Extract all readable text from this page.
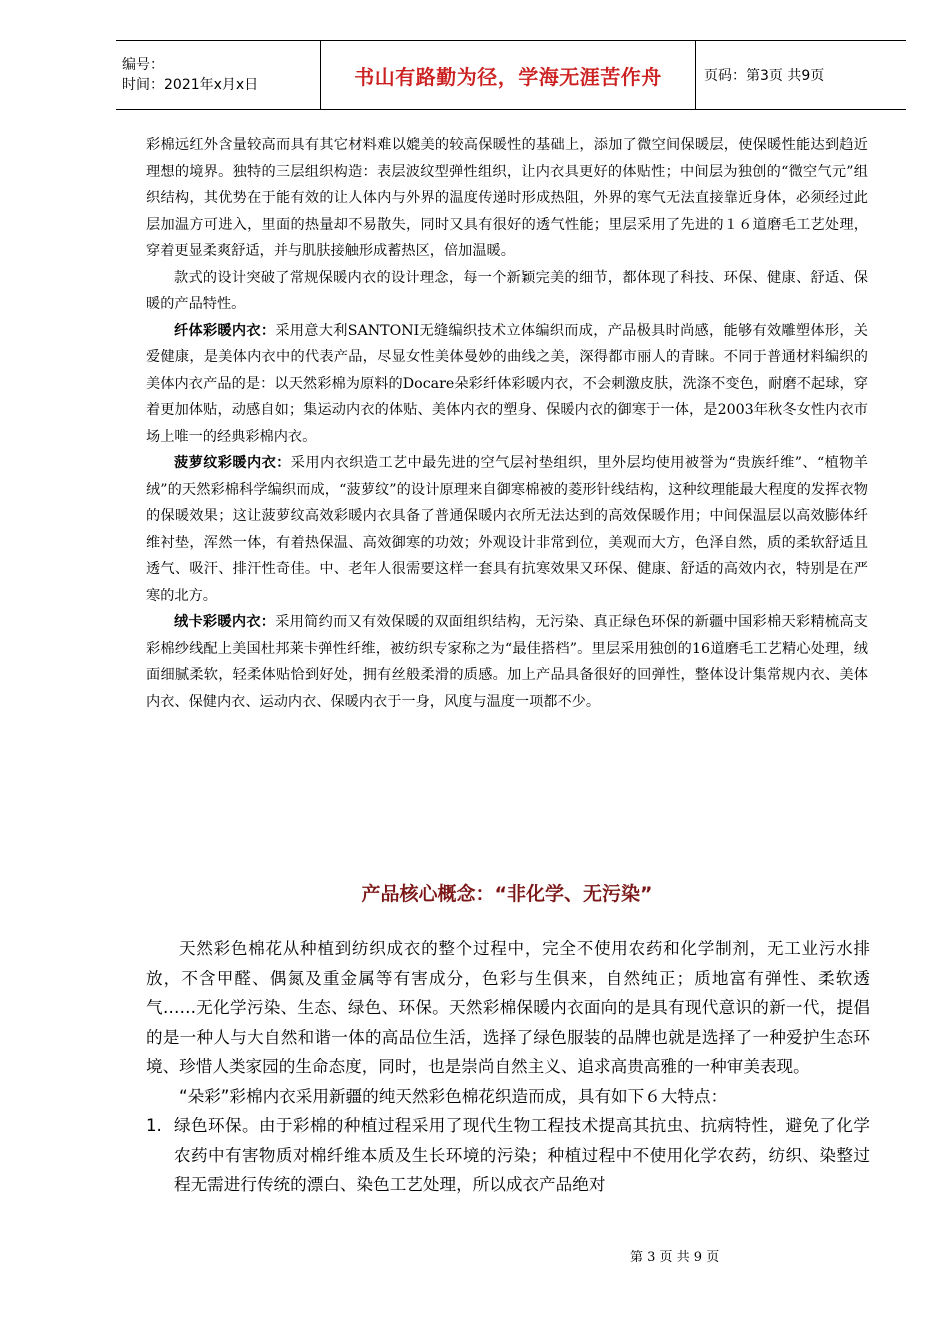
编号：
时间：2021年x月x日	书山有路勤为径，学海无涯苦作舟	页码：第3页 共9页

彩棉远红外含量较高而具有其它材料难以媲美的较高保暖性的基础上，添加了微空间保暖层，使保暖性能达到趋近理想的境界。独特的三层组织构造：表层波纹型弹性组织，让内衣具更好的体贴性；中间层为独创的“微空气元”组织结构，其优势在于能有效的让人体内与外界的温度传递时形成热阻，外界的寒气无法直接靠近身体，必须经过此层加温方可进入，里面的热量却不易散失，同时又具有很好的透气性能；里层采用了先进的１６道磨毛工艺处理，穿着更显柔爽舒适，并与肌肤接触形成蓄热区，倍加温暖。

款式的设计突破了常规保暖内衣的设计理念，每一个新颖完美的细节，都体现了科技、环保、健康、舒适、保暖的产品特性。

纤体彩暖内衣：采用意大利SANTONI无缝编织技术立体编织而成，产品极具时尚感，能够有效雕塑体形，关爱健康，是美体内衣中的代表产品，尽显女性美体曼妙的曲线之美，深得都市丽人的青睐。不同于普通材料编织的美体内衣产品的是：以天然彩棉为原料的Docare朵彩纤体彩暖内衣，不会刺激皮肤，洗涤不变色，耐磨不起球，穿着更加体贴，动感自如；集运动内衣的体贴、美体内衣的塑身、保暖内衣的御寒于一体，是2003年秋冬女性内衣市场上唯一的经典彩棉内衣。

菠萝纹彩暖内衣：采用内衣织造工艺中最先进的空气层衬垫组织，里外层均使用被誉为“贵族纤维”、“植物羊绒”的天然彩棉科学编织而成，“菠萝纹”的设计原理来自御寒棉被的菱形针线结构，这种纹理能最大程度的发挥衣物的保暖效果；这让菠萝纹高效彩暖内衣具备了普通保暖内衣所无法达到的高效保暖作用；中间保温层以高效膨体纤维衬垫，浑然一体，有着热保温、高效御寒的功效；外观设计非常到位，美观而大方，色泽自然，质的柔软舒适且透气、吸汗、排汗性奇佳。中、老年人很需要这样一套具有抗寒效果又环保、健康、舒适的高效内衣，特别是在严寒的北方。

绒卡彩暖内衣：采用简约而又有效保暖的双面组织结构，无污染、真正绿色环保的新疆中国彩棉天彩精梳高支彩棉纱线配上美国杜邦莱卡弹性纤维，被纺织专家称之为“最佳搭档”。里层采用独创的16道磨毛工艺精心处理，绒面细腻柔软，轻柔体贴恰到好处，拥有丝般柔滑的质感。加上产品具备很好的回弹性，整体设计集常规内衣、美体内衣、保健内衣、运动内衣、保暖内衣于一身，风度与温度一项都不少。

产品核心概念：“非化学、无污染”

天然彩色棉花从种植到纺织成衣的整个过程中，完全不使用农药和化学制剂，无工业污水排放，不含甲醛、偶氮及重金属等有害成分，色彩与生俱来，自然纯正；质地富有弹性、柔软透气……无化学污染、生态、绿色、环保。天然彩棉保暖内衣面向的是具有现代意识的新一代，提倡的是一种人与大自然和谐一体的高品位生活，选择了绿色服装的品牌也就是选择了一种爱护生态环境、珍惜人类家园的生命态度，同时，也是崇尚自然主义、追求高贵高雅的一种审美表现。

“朵彩”彩棉内衣采用新疆的纯天然彩色棉花织造而成，具有如下６大特点：

1. 绿色环保。由于彩棉的种植过程采用了现代生物工程技术提高其抗虫、抗病特性，避免了化学农药中有害物质对棉纤维本质及生长环境的污染；种植过程中不使用化学农药，纺织、染整过程无需进行传统的漂白、染色工艺处理，所以成衣产品绝对
第 3 页 共 9 页
